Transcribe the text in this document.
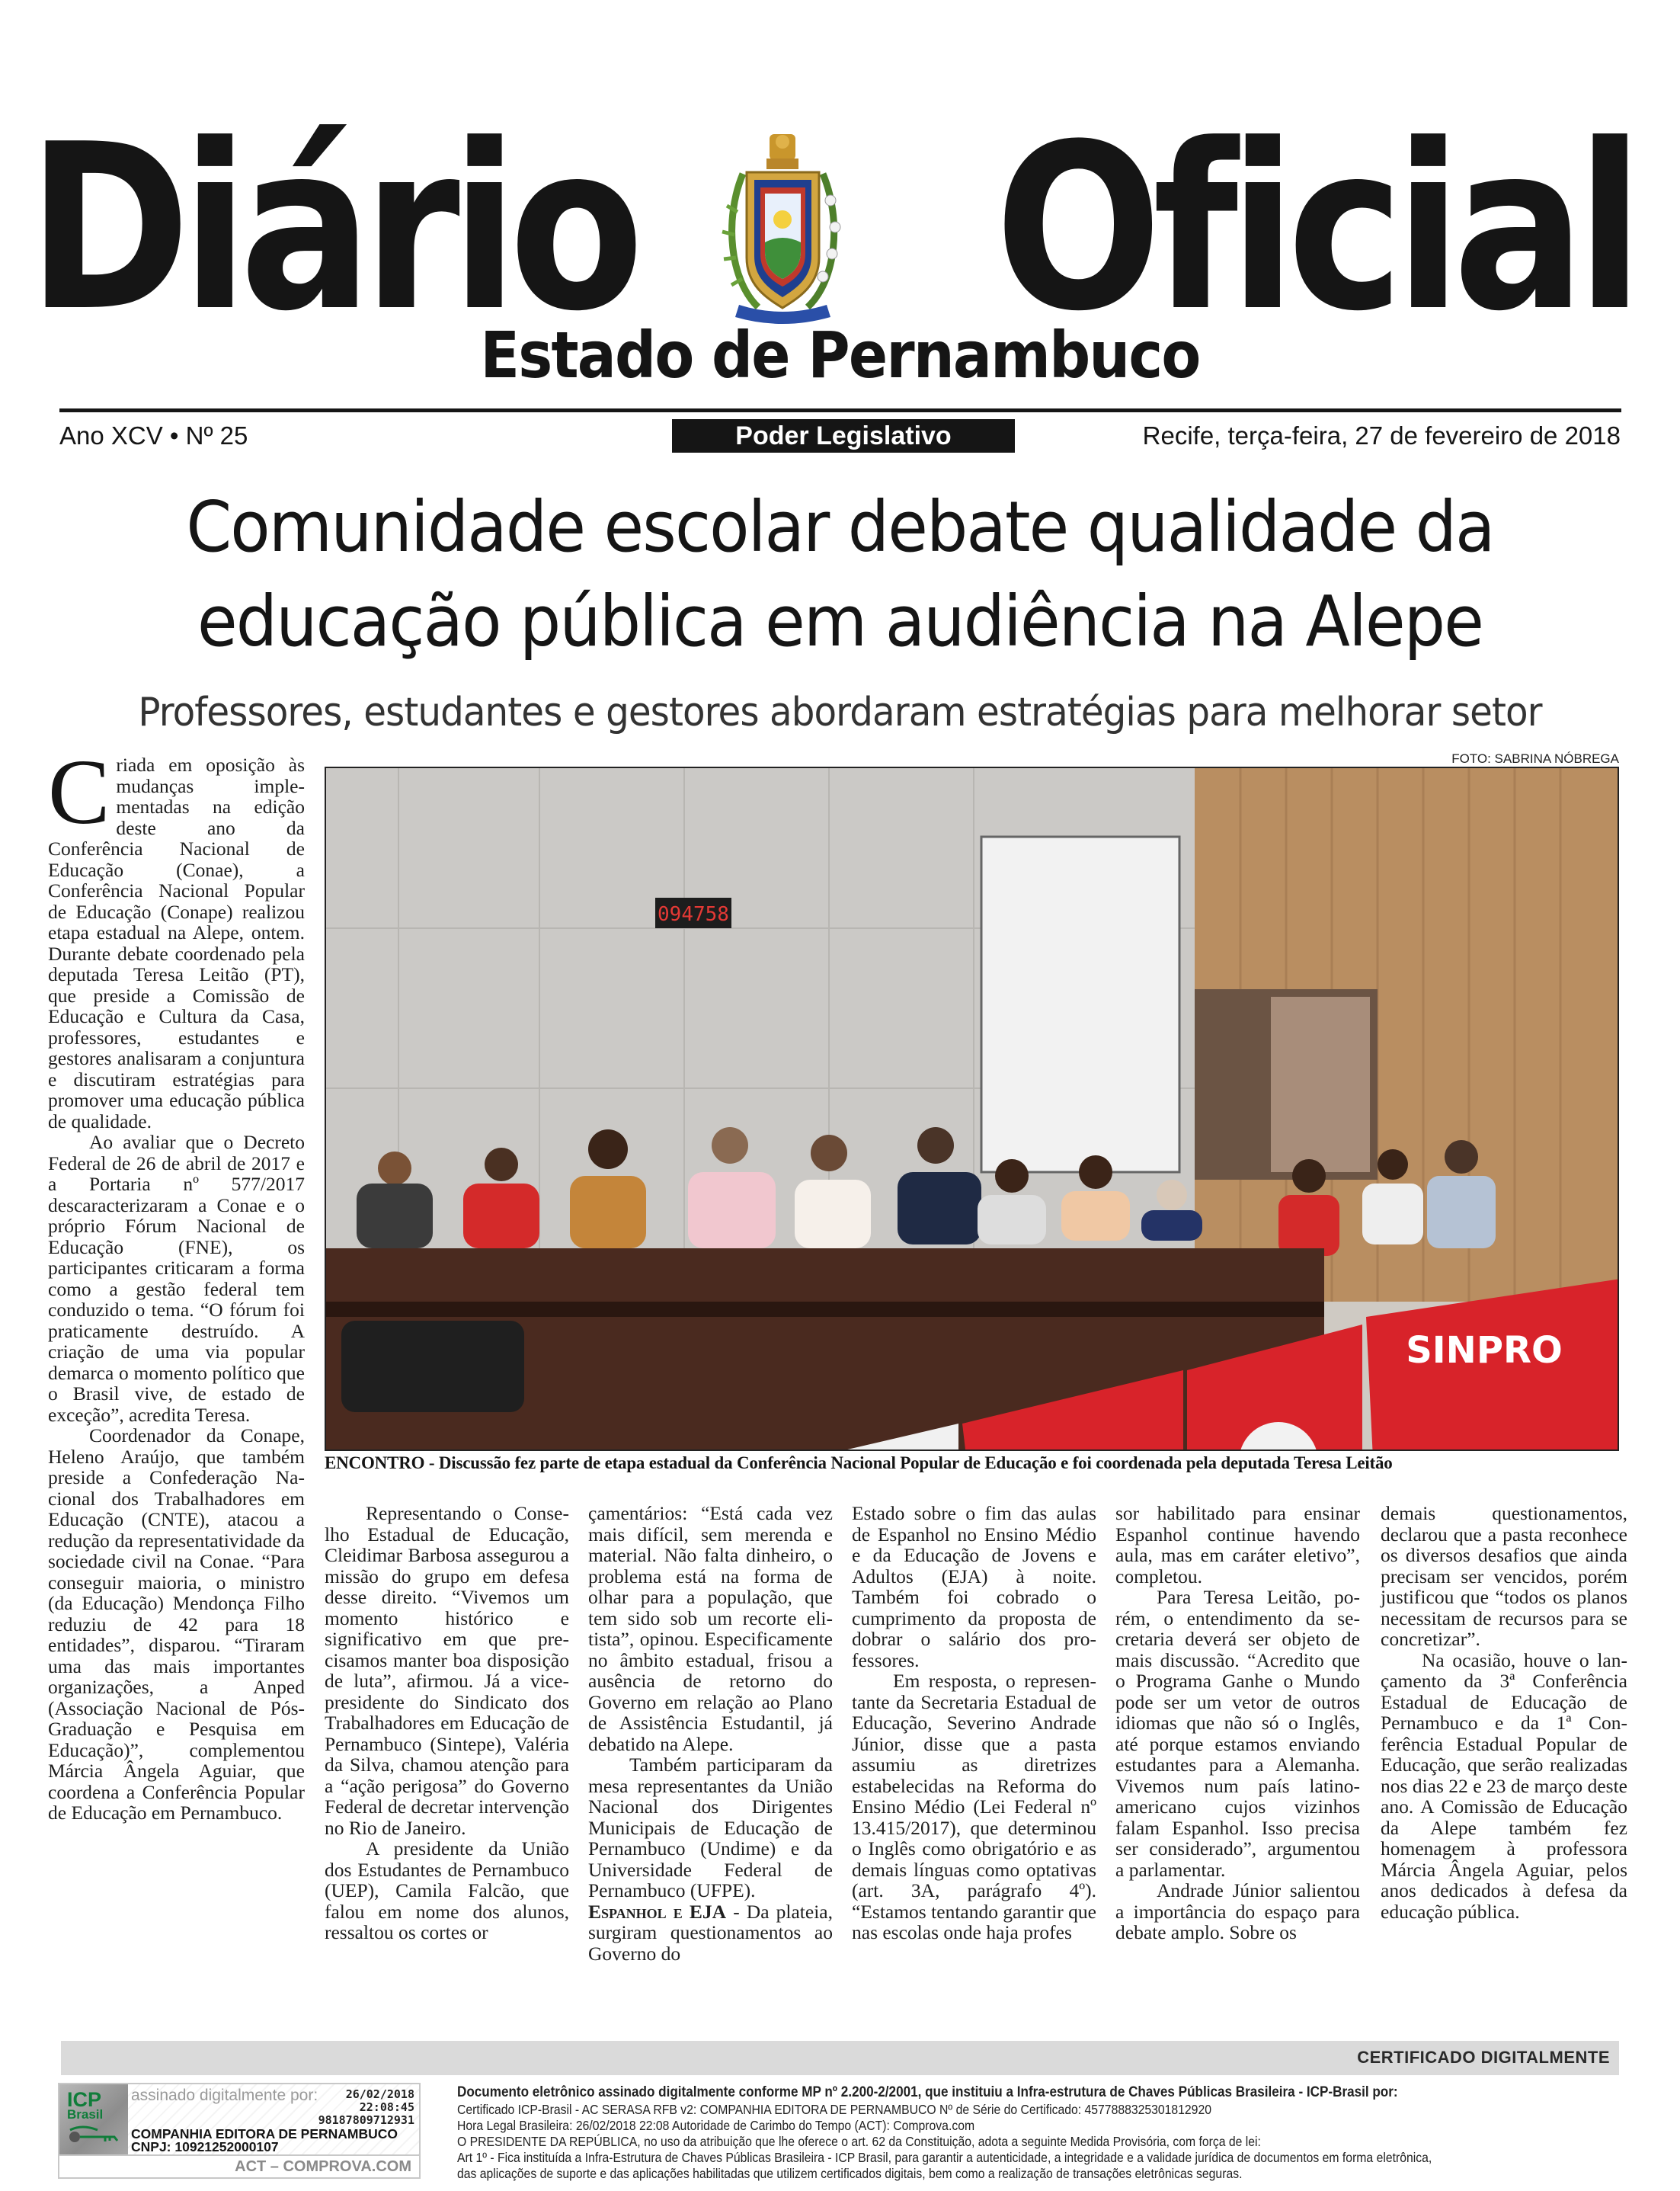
Diário Oficial
Estado de Pernambuco
Ano XCV • Nº 25	Poder Legislativo	Recife, terça-feira, 27 de fevereiro de 2018
Comunidade escolar debate qualidade da
educação pública em audiência na Alepe
Professores, estudantes e gestores abordaram estratégias para melhorar setor

Criada em oposição às mudanças implementadas na edição deste ano da Conferência Nacional de Educação (Conae), a Conferência Nacional Popular de Educação (Conape) realizou etapa estadual na Alepe, ontem. Durante debate coordenado pela deputada Teresa Leitão (PT), que preside a Comissão de Educação e Cultura da Casa, professores, estudantes e gestores analisaram a conjuntura e discutiram estratégias para promover uma educação pública de qualidade.

Ao avaliar que o Decreto Federal de 26 de abril de 2017 e a Portaria nº 577/2017 descaracterizaram a Conae e o próprio Fórum Nacional de Educação (FNE), os participantes criticaram a forma como a gestão federal tem conduzido o tema. “O fórum foi praticamente destruído. A criação de uma via popular demarca o momento político que o Brasil vive, de estado de exceção”, acredita Teresa.

Coordenador da Conape, Heleno Araújo, que também preside a Confederação Nacional dos Trabalhadores em Educação (CNTE), atacou a redução da representatividade da sociedade civil na Conae. “Para conseguir maioria, o ministro (da Educação) Mendonça Filho reduziu de 42 para 18 entidades”, disparou. “Tiraram uma das mais importantes organizações, a Anped (Associação Nacional de Pós-Graduação e Pesquisa em Educação)”, complementou Márcia Ângela Aguiar, que coordena a Conferência Popular de Educação em Pernambuco.

FOTO: SABRINA NÓBREGA
094758
SINPRO
ENCONTRO - Discussão fez parte de etapa estadual da Conferência Nacional Popular de Educação e foi coordenada pela deputada Teresa Leitão

Representando o Conselho Estadual de Educação, Cleidimar Barbosa assegurou a missão do grupo em defesa desse direito. “Vivemos um momento histórico e significativo em que precisamos manter boa disposição de luta”, afirmou. Já a vice-presidente do Sindicato dos Trabalhadores em Educação de Pernambuco (Sintepe), Valéria da Silva, chamou atenção para a “ação perigosa” do Governo Federal de decretar intervenção no Rio de Janeiro.

A presidente da União dos Estudantes de Pernambuco (UEP), Camila Falcão, que falou em nome dos alunos, ressaltou os cortes or

çamentários: “Está cada vez mais difícil, sem merenda e material. Não falta dinheiro, o problema está na forma de olhar para a população, que tem sido sob um recorte elitista”, opinou. Especificamente no âmbito estadual, frisou a ausência de retorno do Governo em relação ao Plano de Assistência Estudantil, já debatido na Alepe.

Também participaram da mesa representantes da União Nacional dos Dirigentes Municipais de Educação de Pernambuco (Undime) e da Universidade Federal de Pernambuco (UFPE).

Espanhol e EJA - Da plateia, surgiram questionamentos ao Governo do

Estado sobre o fim das aulas de Espanhol no Ensino Médio e da Educação de Jovens e Adultos (EJA) à noite. Também foi cobrado o cumprimento da proposta de dobrar o salário dos professores.

Em resposta, o representante da Secretaria Estadual de Educação, Severino Andrade Júnior, disse que a pasta assumiu as diretrizes estabelecidas na Reforma do Ensino Médio (Lei Federal nº 13.415/2017), que determinou o Inglês como obrigatório e as demais línguas como optativas (art. 3A, parágrafo 4º). “Estamos tentando garantir que nas escolas onde haja profes

sor habilitado para ensinar Espanhol continue havendo aula, mas em caráter eletivo”, completou.

Para Teresa Leitão, porém, o entendimento da secretaria deverá ser objeto de mais discussão. “Acredito que o Programa Ganhe o Mundo pode ser um vetor de outros idiomas que não só o Inglês, até porque estamos enviando estudantes para a Alemanha. Vivemos num país latino-americano cujos vizinhos falam Espanhol. Isso precisa ser considerado”, argumentou a parlamentar.

Andrade Júnior salientou a importância do espaço para debate amplo. Sobre os

demais questionamentos, declarou que a pasta reconhece os diversos desafios que ainda precisam ser vencidos, porém justificou que “todos os planos necessitam de recursos para se concretizar”.

Na ocasião, houve o lançamento da 3ª Conferência Estadual de Educação de Pernambuco e da 1ª Conferência Estadual Popular de Educação, que serão realizadas nos dias 22 e 23 de março deste ano. A Comissão de Educação da Alepe também fez homenagem à professora Márcia Ângela Aguiar, pelos anos dedicados à defesa da educação pública.

CERTIFICADO DIGITALMENTE
ICP
Brasil
assinado digitalmente por: 26/02/2018
22:08:45
98187809712931
COMPANHIA EDITORA DE PERNAMBUCO
CNPJ: 10921252000107
ACT – COMPROVA.COM
Documento eletrônico assinado digitalmente conforme MP nº 2.200-2/2001, que instituiu a Infra-estrutura de Chaves Públicas Brasileira - ICP-Brasil por:
Certificado ICP-Brasil - AC SERASA RFB v2: COMPANHIA EDITORA DE PERNAMBUCO Nº de Série do Certificado: 4577888325301812920
Hora Legal Brasileira: 26/02/2018 22:08 Autoridade de Carimbo do Tempo (ACT): Comprova.com
O PRESIDENTE DA REPÚBLICA, no uso da atribuição que lhe oferece o art. 62 da Constituição, adota a seguinte Medida Provisória, com força de lei:
Art 1º - Fica instituída a Infra-Estrutura de Chaves Públicas Brasileira - ICP Brasil, para garantir a autenticidade, a integridade e a validade jurídica de documentos em forma eletrônica,
das aplicações de suporte e das aplicações habilitadas que utilizem certificados digitais, bem como a realização de transações eletrônicas seguras.
